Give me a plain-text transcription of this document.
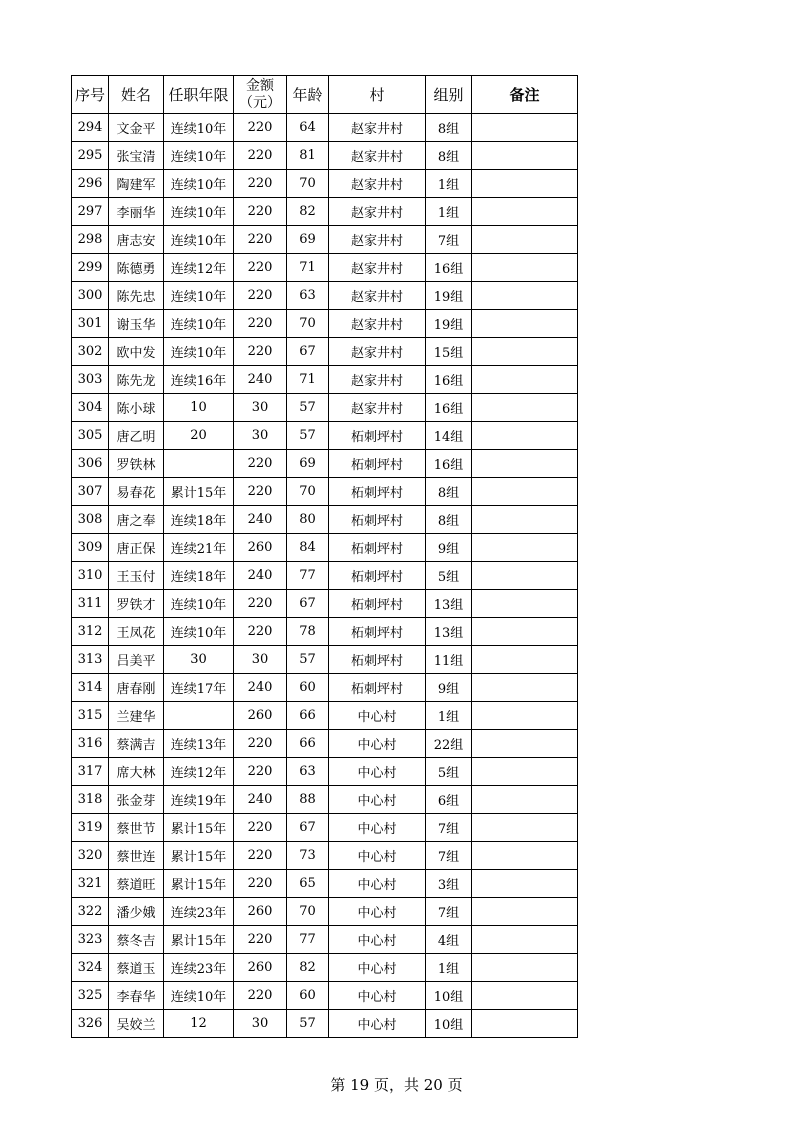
序号	姓名	任职年限	金额（元）	年龄	村	组别	备注
294	文金平	连续10年	220	64	赵家井村	8组	
295	张宝清	连续10年	220	81	赵家井村	8组	
296	陶建军	连续10年	220	70	赵家井村	1组	
297	李丽华	连续10年	220	82	赵家井村	1组	
298	唐志安	连续10年	220	69	赵家井村	7组	
299	陈德勇	连续12年	220	71	赵家井村	16组	
300	陈先忠	连续10年	220	63	赵家井村	19组	
301	谢玉华	连续10年	220	70	赵家井村	19组	
302	欧中发	连续10年	220	67	赵家井村	15组	
303	陈先龙	连续16年	240	71	赵家井村	16组	
304	陈小球	10	30	57	赵家井村	16组	
305	唐乙明	20	30	57	柘刺坪村	14组	
306	罗铁林		220	69	柘刺坪村	16组	
307	易春花	累计15年	220	70	柘刺坪村	8组	
308	唐之奉	连续18年	240	80	柘刺坪村	8组	
309	唐正保	连续21年	260	84	柘刺坪村	9组	
310	王玉付	连续18年	240	77	柘刺坪村	5组	
311	罗铁才	连续10年	220	67	柘刺坪村	13组	
312	王凤花	连续10年	220	78	柘刺坪村	13组	
313	吕美平	30	30	57	柘刺坪村	11组	
314	唐春刚	连续17年	240	60	柘刺坪村	9组	
315	兰建华		260	66	中心村	1组	
316	蔡满吉	连续13年	220	66	中心村	22组	
317	席大林	连续12年	220	63	中心村	5组	
318	张金芽	连续19年	240	88	中心村	6组	
319	蔡世节	累计15年	220	67	中心村	7组	
320	蔡世连	累计15年	220	73	中心村	7组	
321	蔡道旺	累计15年	220	65	中心村	3组	
322	潘少娥	连续23年	260	70	中心村	7组	
323	蔡冬吉	累计15年	220	77	中心村	4组	
324	蔡道玉	连续23年	260	82	中心村	1组	
325	李春华	连续10年	220	60	中心村	10组	
326	吴姣兰	12	30	57	中心村	10组	
第 19 页，共 20 页
